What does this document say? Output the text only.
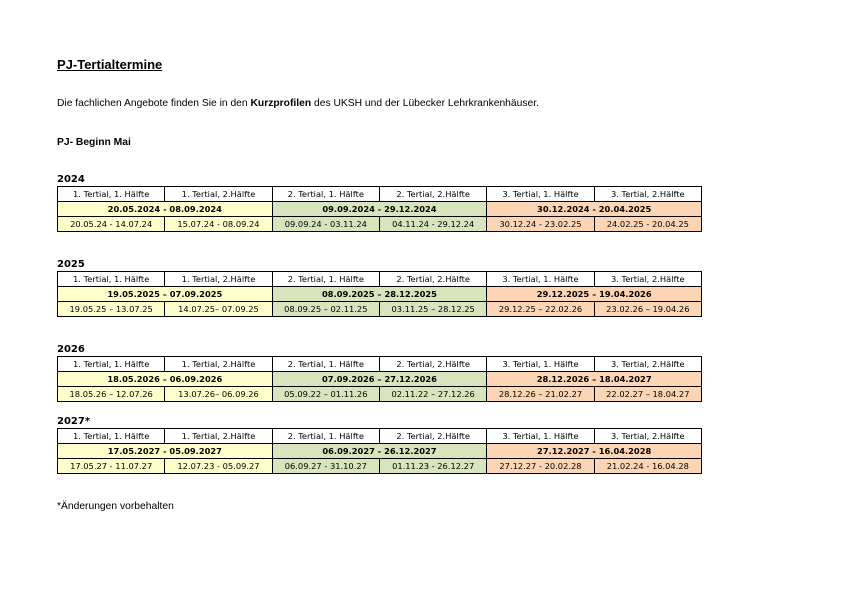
PJ-Tertialtermine
Die fachlichen Angebote finden Sie in den Kurzprofilen des UKSH und der Lübecker Lehrkrankenhäuser.
PJ- Beginn Mai
2024
1. Tertial, 1. Hälfte	1. Tertial, 2.Hälfte	2. Tertial, 1. Hälfte	2. Tertial, 2.Hälfte	3. Tertial, 1. Hälfte	3. Tertial, 2.Hälfte
20.05.2024 - 08.09.2024		09.09.2024 - 29.12.2024		30.12.2024 - 20.04.2025	
20.05.24 - 14.07.24	15.07.24 - 08.09.24	09.09.24 - 03.11.24	04.11.24 - 29.12.24	30.12.24 - 23.02.25	24.02.25 - 20.04.25
2025
1. Tertial, 1. Hälfte	1. Tertial, 2.Hälfte	2. Tertial, 1. Hälfte	2. Tertial, 2.Hälfte	3. Tertial, 1. Hälfte	3. Tertial, 2.Hälfte
19.05.2025 – 07.09.2025		08.09.2025 – 28.12.2025		29.12.2025 – 19.04.2026	
19.05.25 – 13.07.25	14.07.25– 07.09.25	08.09.25 – 02.11.25	03.11.25 – 28.12.25	29.12.25 – 22.02.26	23.02.26 – 19.04.26
2026
1. Tertial, 1. Hälfte	1. Tertial, 2.Hälfte	2. Tertial, 1. Hälfte	2. Tertial, 2.Hälfte	3. Tertial, 1. Hälfte	3. Tertial, 2.Hälfte
18.05.2026 – 06.09.2026		07.09.2026 – 27.12.2026		28.12.2026 – 18.04.2027	
18.05.26 – 12.07.26	13.07.26– 06.09.26	05.09.22 – 01.11.26	02.11.22 – 27.12.26	28.12.26 – 21.02.27	22.02.27 – 18.04.27
2027*
1. Tertial, 1. Hälfte	1. Tertial, 2.Hälfte	2. Tertial, 1. Hälfte	2. Tertial, 2.Hälfte	3. Tertial, 1. Hälfte	3. Tertial, 2.Hälfte
17.05.2027 - 05.09.2027		06.09.2027 - 26.12.2027		27.12.2027 - 16.04.2028	
17.05.27 - 11.07.27	12.07.23 - 05.09.27	06.09.27 - 31.10.27	01.11.23 - 26.12.27	27.12.27 - 20.02.28	21.02.24 - 16.04.28
*Änderungen vorbehalten
